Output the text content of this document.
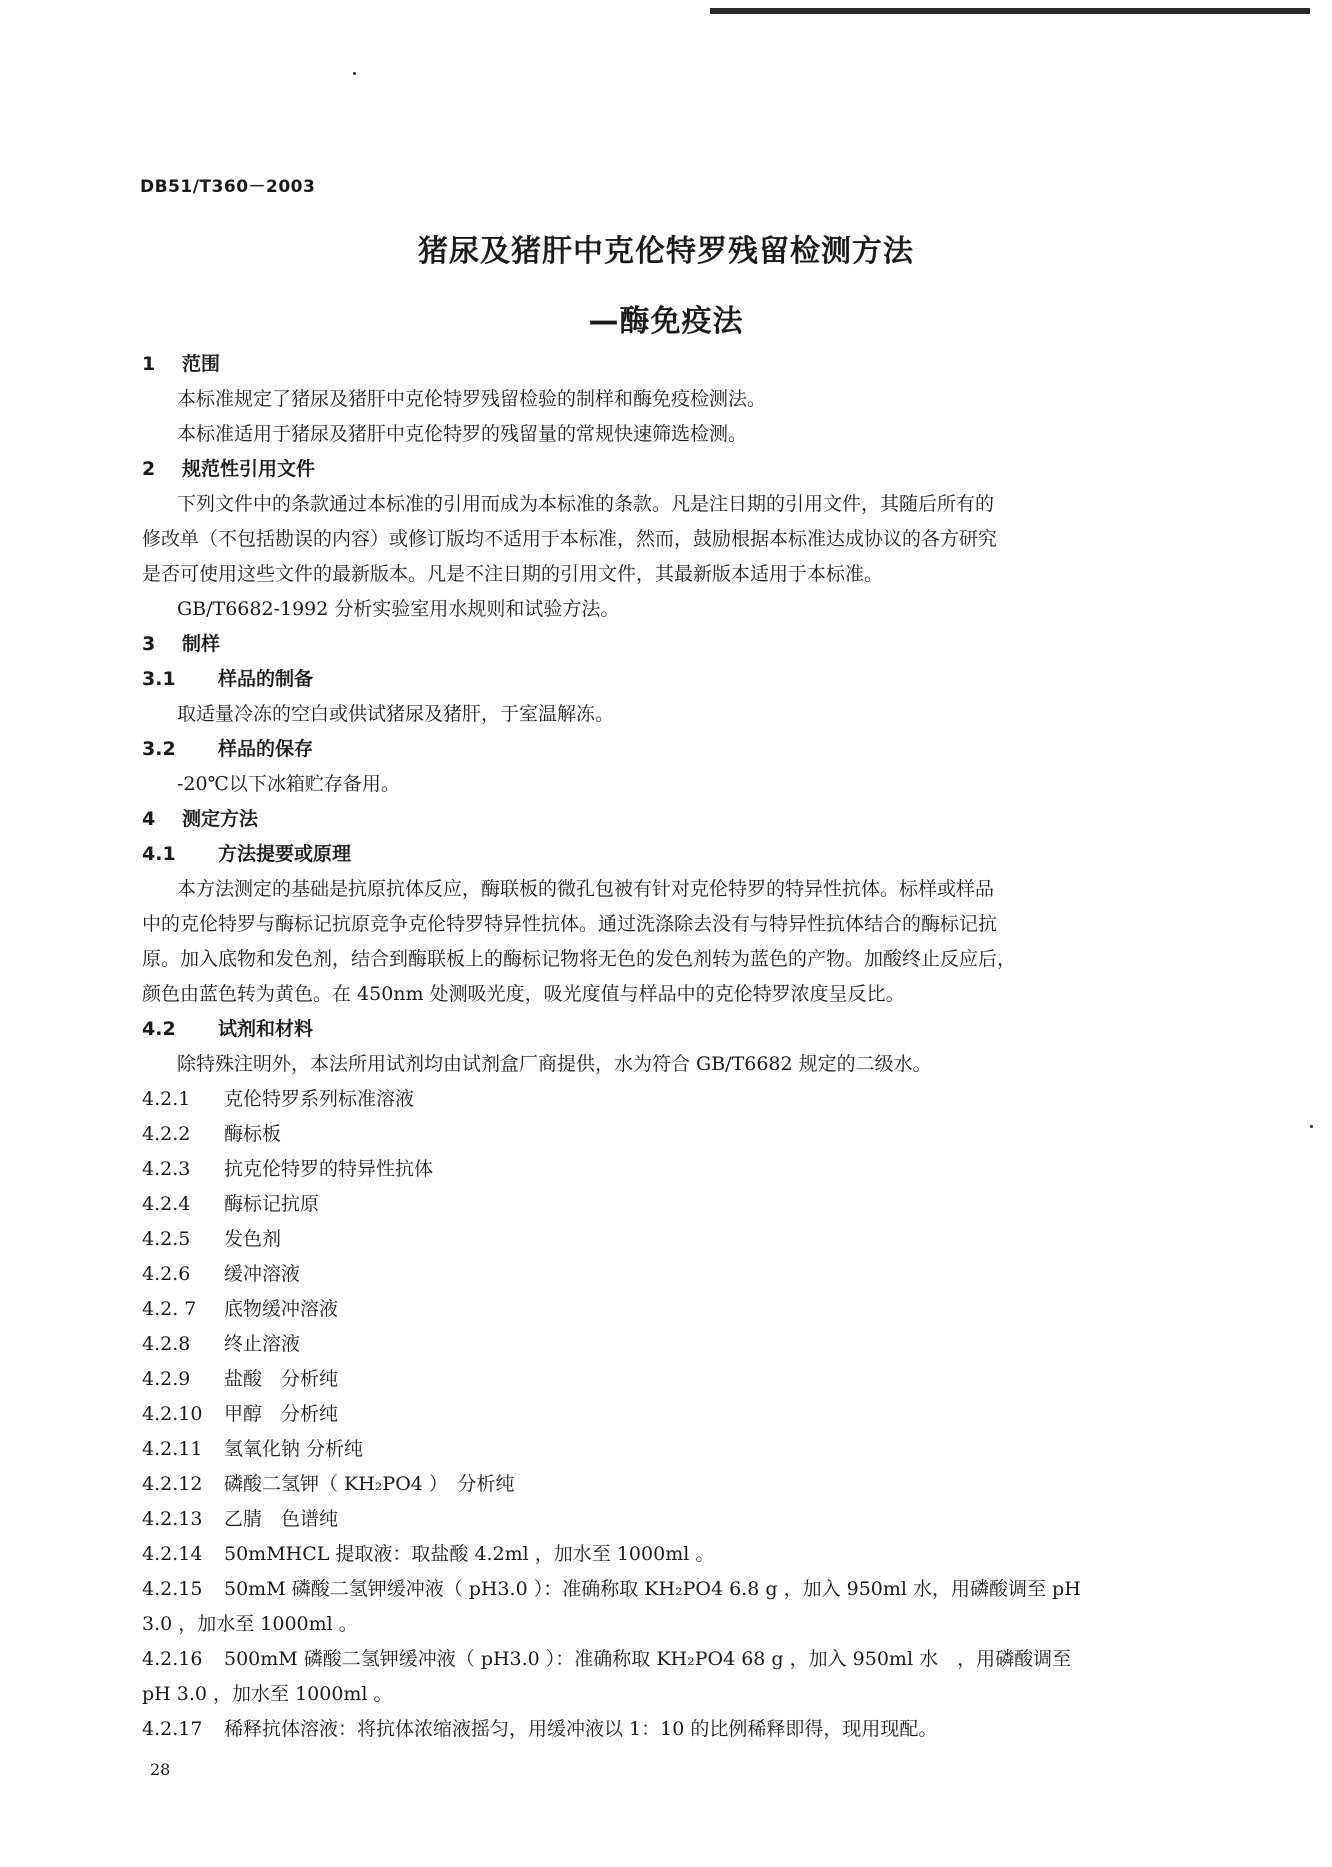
DB51/T360－2003
猪尿及猪肝中克伦特罗残留检测方法
—酶免疫法
1 范围
本标准规定了猪尿及猪肝中克伦特罗残留检验的制样和酶免疫检测法。
本标准适用于猪尿及猪肝中克伦特罗的残留量的常规快速筛选检测。
2 规范性引用文件
下列文件中的条款通过本标准的引用而成为本标准的条款。凡是注日期的引用文件，其随后所有的
修改单（不包括勘误的内容）或修订版均不适用于本标准，然而，鼓励根据本标准达成协议的各方研究
是否可使用这些文件的最新版本。凡是不注日期的引用文件，其最新版本适用于本标准。
GB/T6682-1992 分析实验室用水规则和试验方法。
3 制样
3.1 样品的制备
取适量冷冻的空白或供试猪尿及猪肝，于室温解冻。
3.2 样品的保存
-20℃以下冰箱贮存备用。
4 测定方法
4.1 方法提要或原理
本方法测定的基础是抗原抗体反应，酶联板的微孔包被有针对克伦特罗的特异性抗体。标样或样品
中的克伦特罗与酶标记抗原竞争克伦特罗特异性抗体。通过洗涤除去没有与特异性抗体结合的酶标记抗
原。加入底物和发色剂，结合到酶联板上的酶标记物将无色的发色剂转为蓝色的产物。加酸终止反应后，
颜色由蓝色转为黄色。在 450nm 处测吸光度，吸光度值与样品中的克伦特罗浓度呈反比。
4.2 试剂和材料
除特殊注明外，本法所用试剂均由试剂盒厂商提供，水为符合 GB/T6682 规定的二级水。
4.2.1 克伦特罗系列标准溶液
4.2.2 酶标板
4.2.3 抗克伦特罗的特异性抗体
4.2.4 酶标记抗原
4.2.5 发色剂
4.2.6 缓冲溶液
4.2. 7 底物缓冲溶液
4.2.8 终止溶液
4.2.9 盐酸　分析纯
4.2.10 甲醇　分析纯
4.2.11 氢氧化钠 分析纯
4.2.12 磷酸二氢钾（ KH₂PO4 ）　分析纯
4.2.13 乙腈　色谱纯
4.2.14 50mMHCL 提取液：取盐酸 4.2ml ，加水至 1000ml 。
4.2.15 50mM 磷酸二氢钾缓冲液（ pH3.0 ）：准确称取 KH₂PO4 6.8 g ，加入 950ml 水，用磷酸调至 pH
3.0 ，加水至 1000ml 。
4.2.16 500mM 磷酸二氢钾缓冲液（ pH3.0 ）：准确称取 KH₂PO4 68 g ，加入 950ml 水　，用磷酸调至
pH 3.0 ，加水至 1000ml 。
4.2.17 稀释抗体溶液：将抗体浓缩液摇匀，用缓冲液以 1：10 的比例稀释即得，现用现配。
28
